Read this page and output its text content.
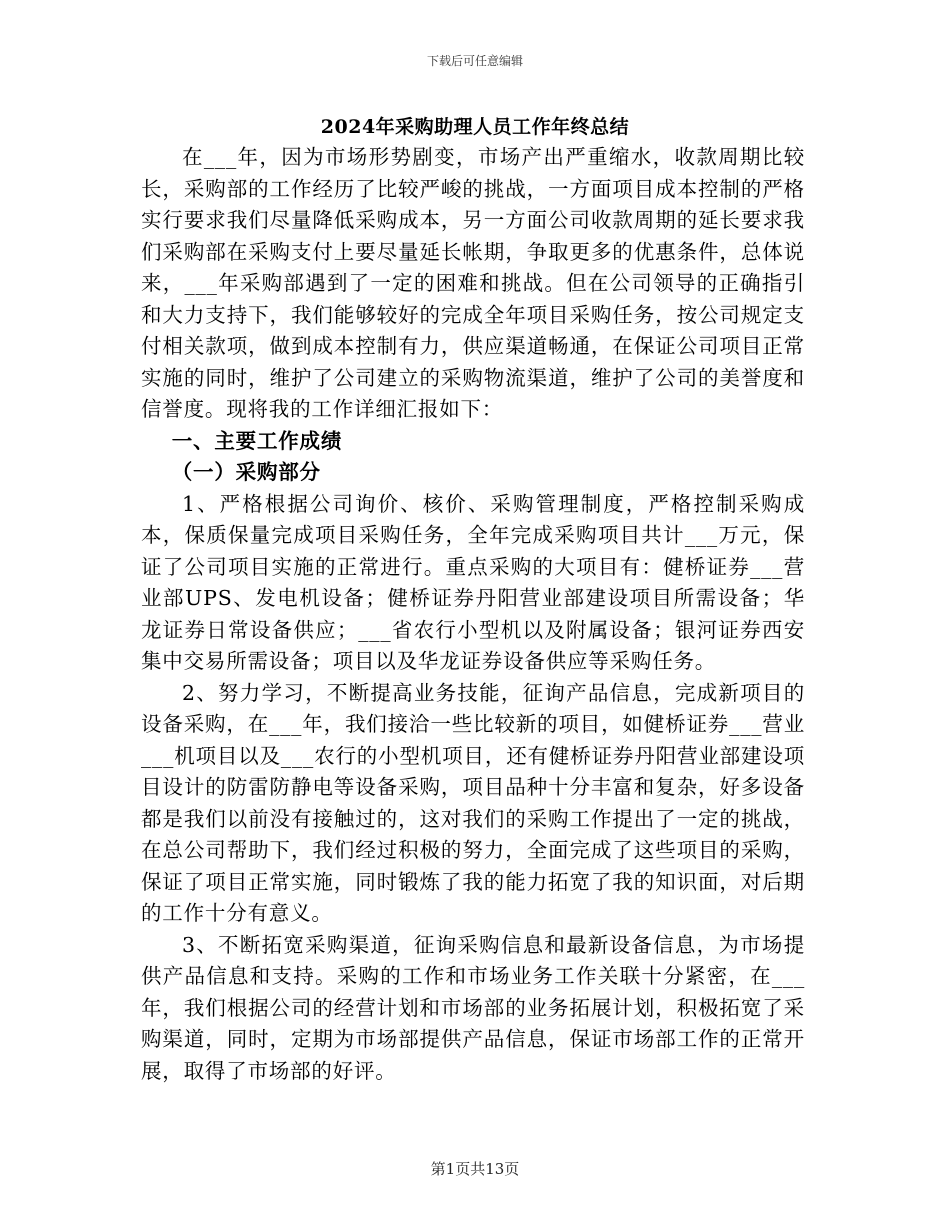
下载后可任意编辑
2024年采购助理人员工作年终总结

在___年，因为市场形势剧变，市场产出严重缩水，收款周期比较长，采购部的工作经历了比较严峻的挑战，一方面项目成本控制的严格实行要求我们尽量降低采购成本，另一方面公司收款周期的延长要求我们采购部在采购支付上要尽量延长帐期，争取更多的优惠条件，总体说来，___年采购部遇到了一定的困难和挑战。但在公司领导的正确指引和大力支持下，我们能够较好的完成全年项目采购任务，按公司规定支付相关款项，做到成本控制有力，供应渠道畅通，在保证公司项目正常实施的同时，维护了公司建立的采购物流渠道，维护了公司的美誉度和信誉度。现将我的工作详细汇报如下：

一、主要工作成绩

（一）采购部分

1、严格根据公司询价、核价、采购管理制度，严格控制采购成本，保质保量完成项目采购任务，全年完成采购项目共计___万元，保证了公司项目实施的正常进行。重点采购的大项目有：健桥证券___营业部UPS、发电机设备；健桥证券丹阳营业部建设项目所需设备；华龙证券日常设备供应；___省农行小型机以及附属设备；银河证券西安集中交易所需设备；项目以及华龙证券设备供应等采购任务。

2、努力学习，不断提高业务技能，征询产品信息，完成新项目的设备采购，在___年，我们接洽一些比较新的项目，如健桥证券___营业___机项目以及___农行的小型机项目，还有健桥证券丹阳营业部建设项目设计的防雷防静电等设备采购，项目品种十分丰富和复杂，好多设备都是我们以前没有接触过的，这对我们的采购工作提出了一定的挑战，在总公司帮助下，我们经过积极的努力，全面完成了这些项目的采购，保证了项目正常实施，同时锻炼了我的能力拓宽了我的知识面，对后期的工作十分有意义。

3、不断拓宽采购渠道，征询采购信息和最新设备信息，为市场提供产品信息和支持。采购的工作和市场业务工作关联十分紧密，在___年，我们根据公司的经营计划和市场部的业务拓展计划，积极拓宽了采购渠道，同时，定期为市场部提供产品信息，保证市场部工作的正常开展，取得了市场部的好评。

第1页共13页
